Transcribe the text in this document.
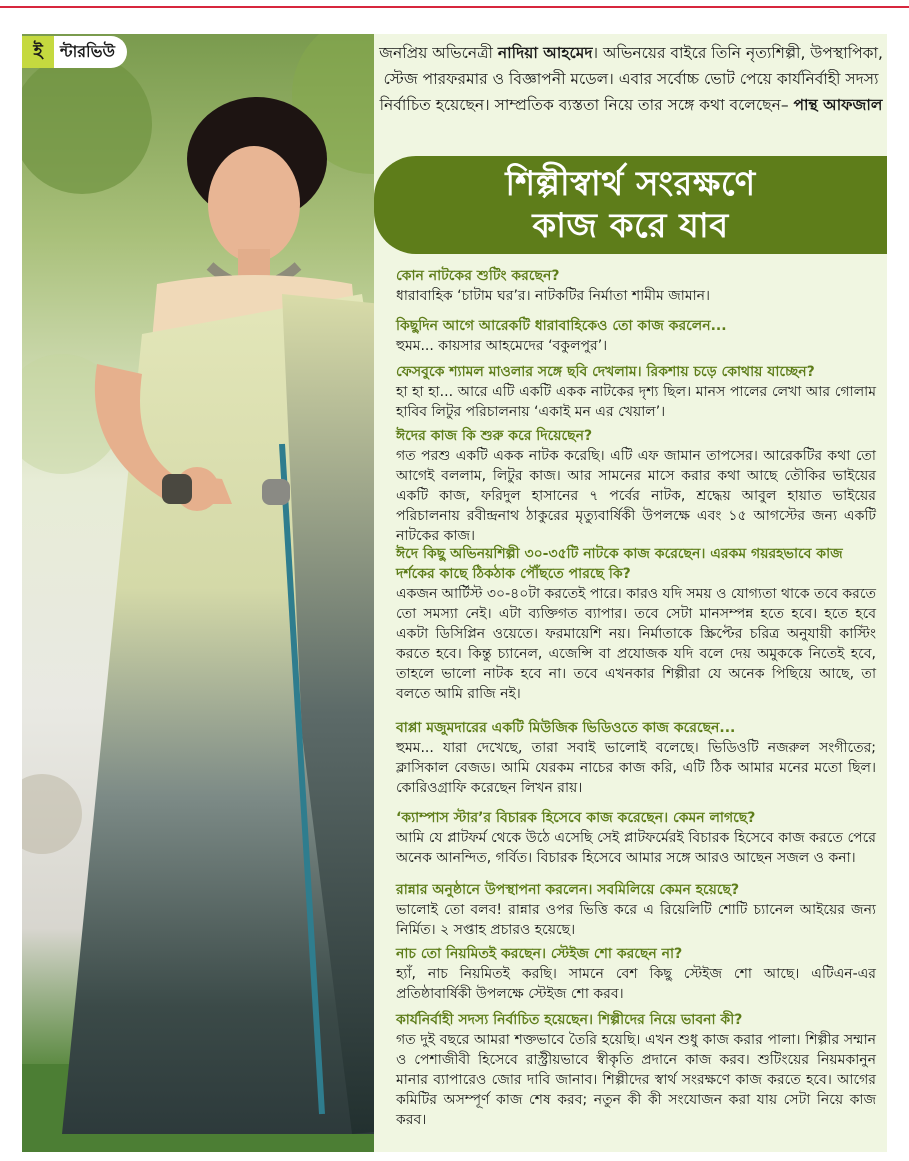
ই	ন্টারভিউ	জনপ্রিয় অভিনেত্রী নাদিয়া আহমেদ। অভিনয়ের বাইরে তিনি নৃত্যশিল্পী, উপস্থাপিকা, স্টেজ পারফরমার ও বিজ্ঞাপনী মডেল। এবার সর্বোচ্চ ভোট পেয়ে কার্যনির্বাহী সদস্য নির্বাচিত হয়েছেন। সাম্প্রতিক ব্যস্ততা নিয়ে তার সঙ্গে কথা বলেছেন– পান্থ আফজাল
শিল্পীস্বার্থ সংরক্ষণে
কাজ করে যাব
কোন নাটকের শুটিং করছেন?
ধারাবাহিক ‘চাটাম ঘর’র। নাটকটির নির্মাতা শামীম জামান।
কিছুদিন আগে আরেকটি ধারাবাহিকেও তো কাজ করলেন...
হুমম... কায়সার আহমেদের ‘বকুলপুর’।
ফেসবুকে শ্যামল মাওলার সঙ্গে ছবি দেখলাম। রিকশায় চড়ে কোথায় যাচ্ছেন?
হা হা হা... আরে এটি একটি একক নাটকের দৃশ্য ছিল। মানস পালের লেখা আর গোলাম হাবিব লিটুর পরিচালনায় ‘একাই মন এর খেয়াল’।
ঈদের কাজ কি শুরু করে দিয়েছেন?
গত পরশু একটি একক নাটক করেছি। এটি এফ জামান তাপসের। আরেকটির কথা তো আগেই বললাম, লিটুর কাজ। আর সামনের মাসে করার কথা আছে তৌকির ভাইয়ের একটি কাজ, ফরিদুল হাসানের ৭ পর্বের নাটক, শ্রদ্ধেয় আবুল হায়াত ভাইয়ের পরিচালনায় রবীন্দ্রনাথ ঠাকুরের মৃত্যুবার্ষিকী উপলক্ষে এবং ১৫ আগস্টের জন্য একটি নাটকের কাজ।
ঈদে কিছু অভিনয়শিল্পী ৩০-৩৫টি নাটকে কাজ করেছেন। এরকম গয়রহভাবে কাজ দর্শকের কাছে ঠিকঠাক পৌঁছতে পারছে কি?
একজন আর্টিস্ট ৩০-৪০টা করতেই পারে। কারও যদি সময় ও যোগ্যতা থাকে তবে করতে তো সমস্যা নেই। এটা ব্যক্তিগত ব্যাপার। তবে সেটা মানসম্পন্ন হতে হবে। হতে হবে একটা ডিসিপ্লিন ওয়েতে। ফরমায়েশি নয়। নির্মাতাকে স্ক্রিপ্টের চরিত্র অনুযায়ী কাস্টিং করতে হবে। কিন্তু চ্যানেল, এজেন্সি বা প্রযোজক যদি বলে দেয় অমুককে নিতেই হবে, তাহলে ভালো নাটক হবে না। তবে এখনকার শিল্পীরা যে অনেক পিছিয়ে আছে, তা বলতে আমি রাজি নই।
বাপ্পা মজুমদারের একটি মিউজিক ভিডিওতে কাজ করেছেন...
হুমম... যারা দেখেছে, তারা সবাই ভালোই বলেছে। ভিডিওটি নজরুল সংগীতের; ক্লাসিকাল বেজড। আমি যেরকম নাচের কাজ করি, এটি ঠিক আমার মনের মতো ছিল। কোরিওগ্রাফি করেছেন লিখন রায়।
‘ক্যাম্পাস স্টার’র বিচারক হিসেবে কাজ করেছেন। কেমন লাগছে?
আমি যে প্লাটফর্ম থেকে উঠে এসেছি সেই প্লাটফর্মেরই বিচারক হিসেবে কাজ করতে পেরে অনেক আনন্দিত, গর্বিত। বিচারক হিসেবে আমার সঙ্গে আরও আছেন সজল ও কনা।
রান্নার অনুষ্ঠানে উপস্থাপনা করলেন। সবমিলিয়ে কেমন হয়েছে?
ভালোই তো বলব! রান্নার ওপর ভিত্তি করে এ রিয়েলিটি শোটি চ্যানেল আইয়ের জন্য নির্মিত। ২ সপ্তাহ প্রচারও হয়েছে।
নাচ তো নিয়মিতই করছেন। স্টেইজ শো করছেন না?
হ্যাঁ, নাচ নিয়মিতই করছি। সামনে বেশ কিছু স্টেইজ শো আছে। এটিএন-এর প্রতিষ্ঠাবার্ষিকী উপলক্ষে স্টেইজ শো করব।
কার্যনির্বাহী সদস্য নির্বাচিত হয়েছেন। শিল্পীদের নিয়ে ভাবনা কী?
গত দুই বছরে আমরা শক্তভাবে তৈরি হয়েছি। এখন শুধু কাজ করার পালা। শিল্পীর সম্মান ও পেশাজীবী হিসেবে রাস্ট্রীয়ভাবে স্বীকৃতি প্রদানে কাজ করব। শুটিংয়ের নিয়মকানুন মানার ব্যাপারেও জোর দাবি জানাব। শিল্পীদের স্বার্থ সংরক্ষণে কাজ করতে হবে। আগের কমিটির অসম্পূর্ণ কাজ শেষ করব; নতুন কী কী সংযোজন করা যায় সেটা নিয়ে কাজ করব।
